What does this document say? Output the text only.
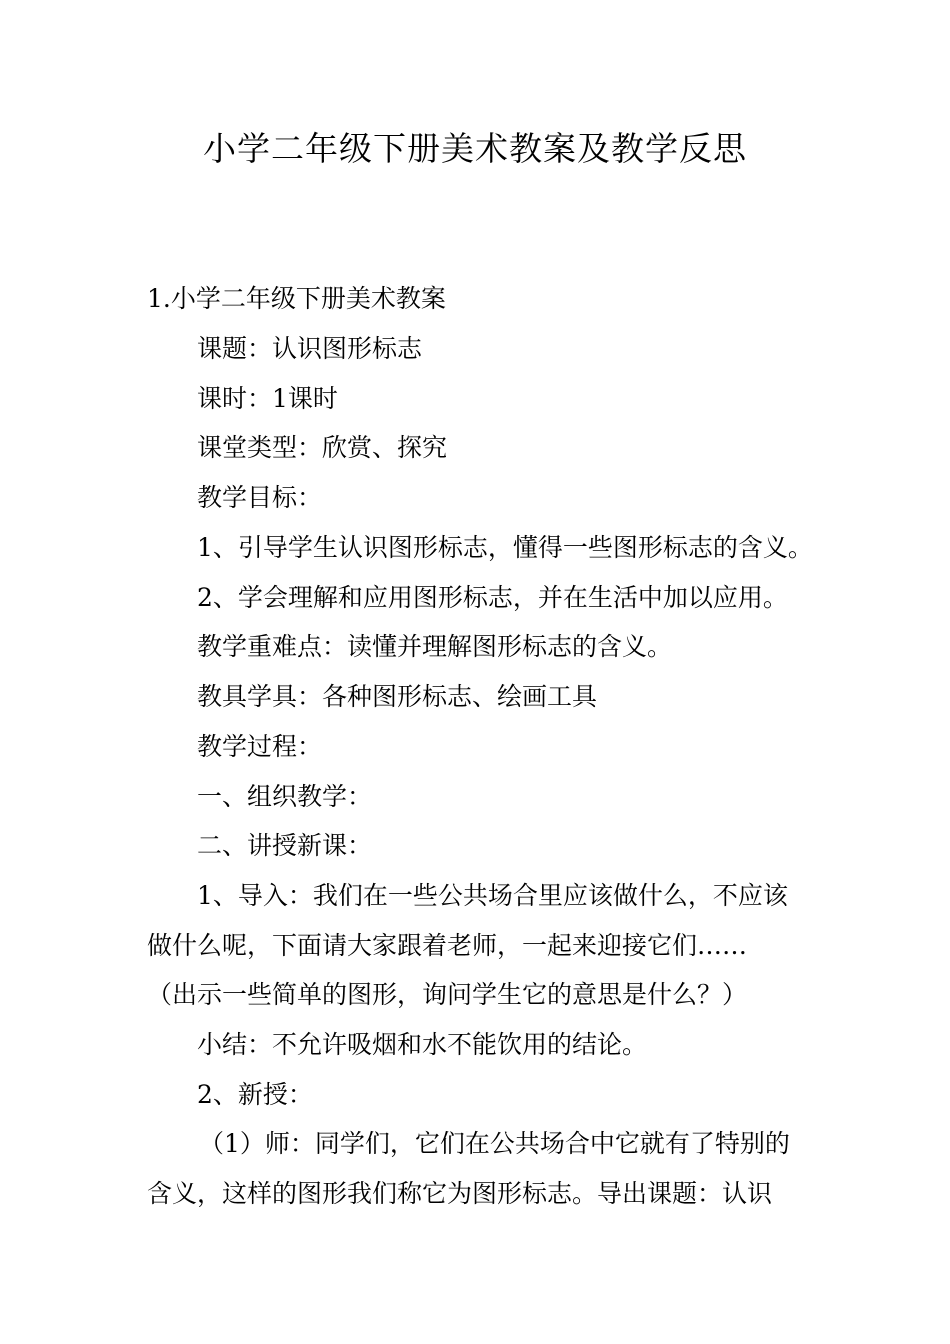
小学二年级下册美术教案及教学反思
1.小学二年级下册美术教案
课题：认识图形标志
课时：1课时
课堂类型：欣赏、探究
教学目标：
1、引导学生认识图形标志，懂得一些图形标志的含义。
2、学会理解和应用图形标志，并在生活中加以应用。
教学重难点：读懂并理解图形标志的含义。
教具学具：各种图形标志、绘画工具
教学过程：
一、组织教学：
二、讲授新课：
1、导入：我们在一些公共场合里应该做什么，不应该
做什么呢，下面请大家跟着老师，一起来迎接它们……
（出示一些简单的图形，询问学生它的意思是什么？）
小结：不允许吸烟和水不能饮用的结论。
2、新授：
（1）师：同学们，它们在公共场合中它就有了特别的
含义，这样的图形我们称它为图形标志。导出课题：认识
